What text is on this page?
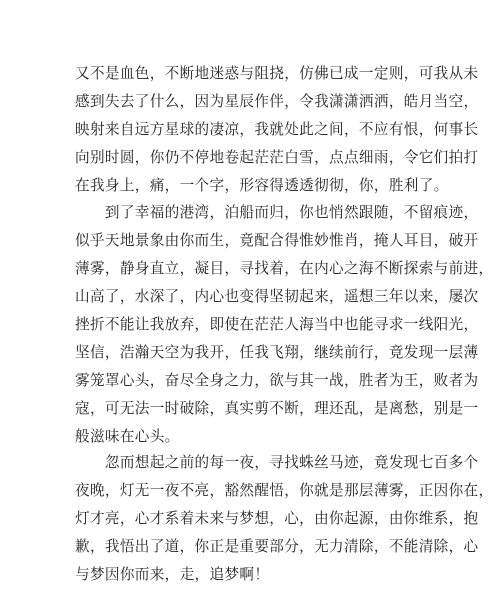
又不是血色，不断地迷惑与阻挠，仿佛已成一定则，可我从未
感到失去了什么，因为星辰作伴，令我潇潇洒洒，皓月当空，
映射来自远方星球的凄凉，我就处此之间，不应有恨，何事长
向别时圆，你仍不停地卷起茫茫白雪，点点细雨，令它们拍打
在我身上，痛，一个字，形容得透透彻彻，你，胜利了。
　　到了幸福的港湾，泊船而归，你也悄然跟随，不留痕迹，
似乎天地景象由你而生，竟配合得惟妙惟肖，掩人耳目，破开
薄雾，静身直立，凝目，寻找着，在内心之海不断探索与前进，
山高了，水深了，内心也变得坚韧起来，遥想三年以来，屡次
挫折不能让我放弃，即使在茫茫人海当中也能寻求一线阳光，
坚信，浩瀚天空为我开，任我飞翔，继续前行，竟发现一层薄
雾笼罩心头，奋尽全身之力，欲与其一战，胜者为王，败者为
寇，可无法一时破除，真实剪不断，理还乱，是离愁，别是一
般滋味在心头。
　　忽而想起之前的每一夜，寻找蛛丝马迹，竟发现七百多个
夜晚，灯无一夜不亮，豁然醒悟，你就是那层薄雾，正因你在，
灯才亮，心才系着未来与梦想，心，由你起源，由你维系，抱
歉，我悟出了道，你正是重要部分，无力清除，不能清除，心
与梦因你而来，走，追梦啊！
